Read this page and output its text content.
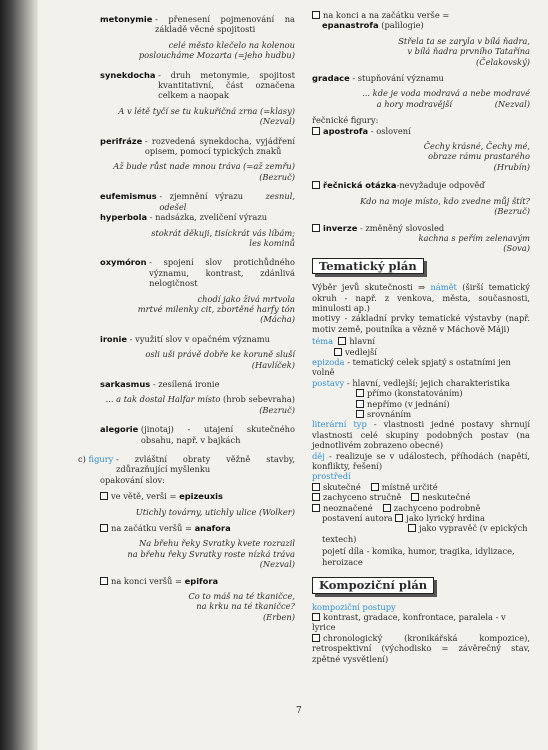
metonymie
- přenesení pojmenování na základě věcné spojitosti
celé město klečelo na kolenou
posloucháme Mozarta (=jeho hudbu)
synekdocha
- druh metonymie, spojitost kvantitativní, část označena celkem a naopak
A v létě tyčí se tu kukuřičná zrna (=klasy)
(Nezval)
perifráze
- rozvedená synekdocha, vyjádření opisem, pomocí typických znaků
Až bude růst nade mnou tráva (=až zemřu)
(Bezruč)
eufemismus
- zjemnění výrazu	zesnul, odešel
hyperbola
- nadsázka, zveličení výrazu
stokrát děkuji, tisíckrát vás líbám;
les kominů
oxymóron
- spojení slov protichůdného významu, kontrast, zdánlivá nelogičnost
chodí jako živá mrtvola
mrtvé milenky cit, zbortěné harfy tón
(Mácha)
ironie
- využití slov v opačném významu
osli uši právě dobře ke koruně sluší
(Havlíček)
sarkasmus
- zesílená ironie
... a tak dostal Halfar místo (hrob sebevraha)
(Bezruč)
alegorie
(jinotaj) - utajení skutečného obsahu, např. v bajkách
c)
figury
- zvláštní obraty věžně stavby, zdůrazňující myšlenku
opakování slov:
ve větě, verši = epizeuxis
Utichly továrny, utichly ulice (Wolker)
na začátku veršů = anafora
Na břehu řeky Svratky kvete rozrazil
na břehu řeky Svratky roste nízká tráva
(Nezval)
na konci veršů = epifora
Co to máš na té tkaničce,
na krku na té tkaničce?
(Erben)
na konci a na začátku verše =
epanastrofa (palilogie)
Střela ta se zaryla v bílá ňadra,
v bílá ňadra prvního Tatařína
(Čelakovský)
gradace - stupňování významu
... kde je voda modravá a nebe modravé
a hory modravější	(Nezval)
řečnické figury:
apostrofa - oslovení
Čechy krásné, Čechy mé,
obraze rámu prastarého
(Hrubín)
řečnická otázka-nevyžaduje odpověď
Kdo na moje místo, kdo zvedne můj štít?
(Bezruč)
inverze - změněný slovosled
kachna s peřím zelenavým
(Sova)
Tematický plán
Výběr jevů skutečnosti ⇒ námět (širší tematický okruh - např. z venkova, města, současnosti, minulosti ap.)
motivy - základní prvky tematické výstavby (např. motiv země, poutníka a vězně v Máchově Máji)
téma hlavní
vedlejší
epizoda - tematický celek spjatý s ostatními jen volně
postavy - hlavní, vedlejší; jejich charakteristika
přímo (konstatováním)
nepřímo (v jednání)
srovnáním
literární typ - vlastnosti jedné postavy shrnují vlastnosti celé skupiny podobných postav (na jednotlivém zobrazeno obecné)
děj - realizuje se v událostech, příhodách (napětí, konflikty, řešení)
prostředí
skutečné	místně určité
zachyceno stručně	neskutečné
neoznačené	zachyceno podrobně
postavení autora jako lyrický hrdina
jako vypravěč (v epických textech)
pojetí díla - komika, humor, tragika, idylizace, heroizace
Kompoziční plán
kompoziční postupy
kontrast, gradace, konfrontace, paralela - v lyrice
chronologický (kronikářská kompozice), retrospektivní (východisko = závěrečný stav, zpětné vysvětlení)
7
